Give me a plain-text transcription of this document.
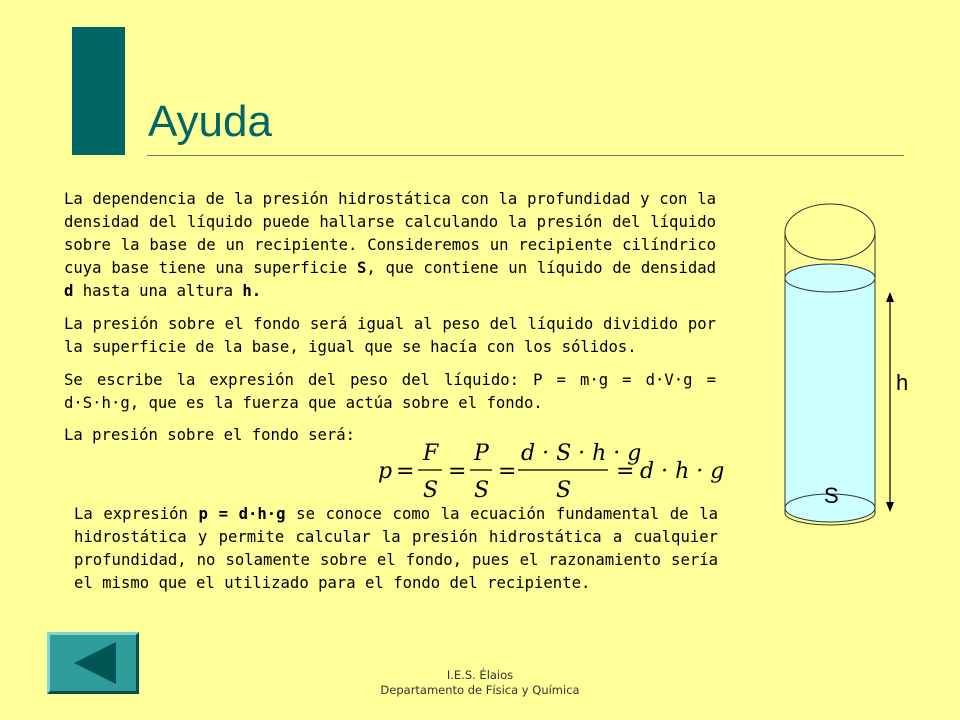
Ayuda

La dependencia de la presión hidrostática con la profundidad y con la densidad del líquido puede hallarse calculando la presión del líquido sobre la base de un recipiente. Consideremos un recipiente cilíndrico cuya base tiene una superficie S, que contiene un líquido de densidad d hasta una altura h.

La presión sobre el fondo será igual al peso del líquido dividido por la superficie de la base, igual que se hacía con los sólidos.

Se escribe la expresión del peso del líquido: P = m·g = d·V·g = d·S·h·g, que es la fuerza que actúa sobre el fondo.

La presión sobre el fondo será:

p =
F
S
=
P
S
=
d · S · h · g
S
= d · h · g

La expresión p = d·h·g se conoce como la ecuación fundamental de la hidrostática y permite calcular la presión hidrostática a cualquier profundidad, no solamente sobre el fondo, pues el razonamiento sería el mismo que el utilizado para el fondo del recipiente.

h
S
I.E.S. Élaios
Departamento de Física y Química
